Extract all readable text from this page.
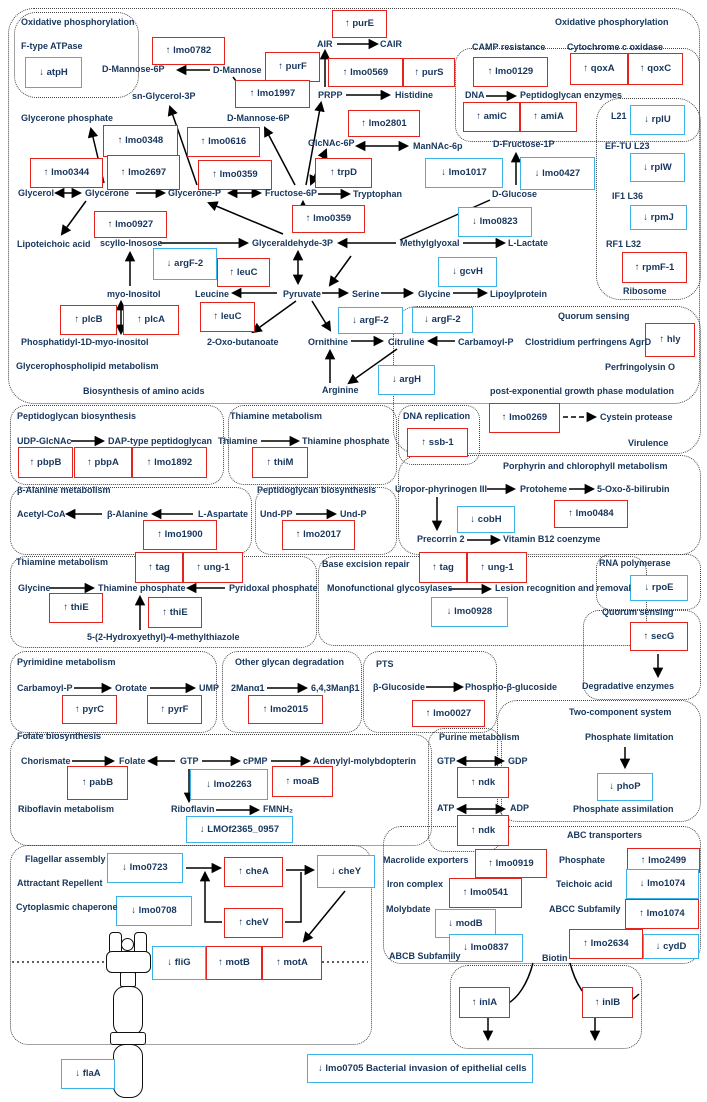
↑ purE
↑ lmo0782
↑ purF	↑ lmo0569	↑ purS	↑ lmo0129	↑ qoxA	↑ qoxC
↑ lmo1997
↑ amiC	↑ amiA
↑ lmo2801
↑ lmo0348	↑ lmo0616
↑ lmo0344	↑ lmo2697	↑ lmo0359	↑ trpD
↑ lmo0359
↑ lmo0927
↑ rpmF-1
↑ leuC
↑ leuC
↑ plcB	↑ plcA
↑ hly
↑ lmo0269
↑ ssb-1
↑ pbpB	↑ pbpA	↑ lmo1892	↑ thiM
↑ lmo0484
↑ lmo1900	↑ lmo2017
↑ tag	↑ ung-1	↑ tag	↑ ung-1
↑ thiE	↑ thiE
↑ secG
↑ pyrC	↑ pyrF	↑ lmo2015	↑ lmo0027
↑ pabB	↑ moaB	↑ ndk
↑ ndk
↑ lmo2499
↑ lmo0919
↑ cheA
↑ lmo0541
↑ lmo1074
↑ cheV
↑ lmo2634
↑ motB	↑ motA
↑ inlA	↑ inlB
↓ atpH
↓ rplU
↓ rplW
↓ lmo1017	↓ lmo0427
↓ rpmJ
↓ lmo0823
↓ argF-2
↓ gcvH
↓ argF-2	↓ argF-2
↓ argH
↓ cobH
↓ rpoE
↓ lmo0928
↓ lmo2263	↓ phoP
↓ LMOf2365_0957
↓ lmo0723	↓ cheY
↓ lmo1074
↓ lmo0708
↓ modB
↓ lmo0837	↓ cydD
↓ fliG
↓ flaA	↓ lmo0705 Bacterial invasion of epithelial cells
Oxidative phosphorylation
F-type ATPase
Oxidative phosphorylation
CAMP resistance Cytochrome c oxidase
D-Mannose-6P	D-Mannose
AIR	CAIR
PRPP	Histidine	DNA	Peptidoglycan enzymes
sn-Glycerol-3P
D-Mannose-6P
Glycerone phosphate
GlcNAc-6P	ManNAc-6p	D-Fructose-1P
L21
EF-TU L23
IF1 L36
RF1 L32
Ribosome
Glycerol	Glycerone	Glycerone-P	Fructose-6P	Tryptophan	D-Glucose
Lipoteichoic acid scyllo-Inosose	Glyceraldehyde-3P	Methylglyoxal	L-Lactate
myo-Inositol	Leucine	Pyruvate	Serine	Glycine	Lipoylprotein
Phosphatidyl-1D-myo-inositol	2-Oxo-butanoate	Ornithine	Citruline	Carbamoyl-P
Arginine
Quorum sensing
Clostridium perfringens AgrD
Perfringolysin O
post-exponential growth phase modulation
Cystein protease
Virulence
Glycerophospholipid metabolism
Biosynthesis of amino acids
Peptidoglycan biosynthesis
UDP-GlcNAc	DAP-type peptidoglycan
Thiamine metabolism
Thiamine	Thiamine phosphate
DNA replication
β-Alanine metabolism
Acetyl-CoA	β-Alanine	L-Aspartate
Peptidoglycan biosynthesis
Und-PP	Und-P
Porphyrin and chlorophyll metabolism
Uropor-phyrinogen III	Protoheme	5-Oxo-δ-bilirubin
Precorrin 2	Vitamin B12 coenzyme
Thiamine metabolism
Glycine	Thiamine phosphate	Pyridoxal phosphate
5-(2-Hydroxyethyl)-4-methylthiazole
Base excision repair
Monofunctional glycosylases	Lesion recognition and removal
RNA polymerase
Quorum sensing
Degradative enzymes
Pyrimidine metabolism
Carbamoyl-P	Orotate	UMP
Other glycan degradation
2Manα1	6,4,3Manβ1
PTS
β-Glucoside	Phospho-β-glucoside
Two-component system
Phosphate limitation
Phosphate assimilation
Folate biosynthesis
Chorismate	Folate	GTP	cPMP	Adenylyl-molybdopterin
Riboflavin metabolism	Riboflavin	FMNH₂
Purine metabolism
GTP	GDP
ATP	ADP
ABC transporters
Macrolide exporters
Iron complex
Molybdate
ABCB Subfamily
Phosphate
Teichoic acid
ABCC Subfamily
Biotin
Flagellar assembly
Attractant Repellent
Cytoplasmic chaperone
